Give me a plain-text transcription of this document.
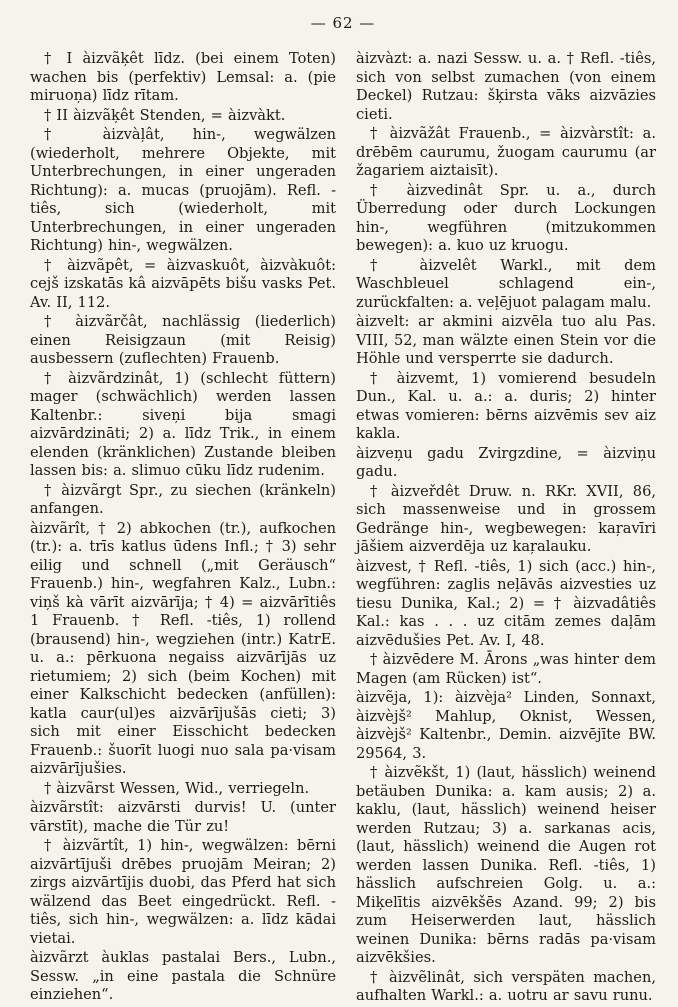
— 62 —

† I àizvãķêt līdz. (bei einem Toten) wachen bis (perfektiv) Lemsal: a. (pie miruoņa) līdz rītam.

† II àizvãķêt Stenden, = àizvàkt.

† àizvàļât, hin-, wegwälzen (wiederholt, mehrere Objekte, mit Unterbrechungen, in einer ungeraden Richtung): a. mucas (pruojām). Refl. -tiês, sich (wiederholt, mit Unterbrechungen, in einer ungeraden Richtung) hin-, wegwälzen.

† àizvãpêt, = àizvaskuôt, àizvàkuôt: cejš izskatās kâ aizvāpēts bišu vasks Pet. Av. II, 112.

† àizvãrčât, nachlässig (liederlich) einen Reisigzaun (mit Reisig) ausbessern (zuflechten) Frauenb.

† àizvãrdzinât, 1) (schlecht füttern) mager (schwächlich) werden lassen Kaltenbr.: siveņi bija smagi aizvārdzināti; 2) a. līdz Trik., in einem elenden (kränklichen) Zustande bleiben lassen bis: a. slimuo cūku līdz rudenim.

† àizvãrgt Spr., zu siechen (kränkeln) anfangen.

àizvãrît, † 2) abkochen (tr.), aufkochen (tr.): a. trīs katlus ūdens Infl.; † 3) sehr eilig und schnell („mit Geräusch“ Frauenb.) hin-, wegfahren Kalz., Lubn.: viņš kà vārīt aizvārīja; † 4) = aizvārītiês 1 Frauenb. † Refl. -tiês, 1) rollend (brausend) hin-, wegziehen (intr.) KatrE. u. a.: pērkuona negaiss aizvārījās uz rietumiem; 2) sich (beim Kochen) mit einer Kalkschicht bedecken (anfüllen): katla caur(ul)es aizvārījušās cieti; 3) sich mit einer Eisschicht bedecken Frauenb.: šuorīt luogi nuo sala pa·visam aizvārījušies.

† àizvãrst Wessen, Wid., verriegeln.

àizvãrstît: aizvārsti durvis! U. (unter vārstīt), mache die Tür zu!

† àizvãrtît, 1) hin-, wegwälzen: bērni aizvārtījuši drēbes pruojām Meiran; 2) zirgs aizvārtījis duobi, das Pferd hat sich wälzend das Beet eingedrückt. Refl. -tiês, sich hin-, wegwälzen: a. līdz kādai vietai.

àizvãrzt àuklas pastalai Bers., Lubn., Sessw. „in eine pastala die Schnüre einziehen“.

àizvàzt: a. nazi Sessw. u. a. † Refl. -tiês, sich von selbst zumachen (von einem Deckel) Rutzau: šķirsta vāks aizvāzies cieti.

† àizvãžât Frauenb., = àizvàrstît: a. drēbēm caurumu, žuogam caurumu (ar žagariem aiztaisīt).

† àizvedinât Spr. u. a., durch Überredung oder durch Lockungen hin-, wegführen (mitzukommen bewegen): a. kuo uz kruogu.

† àizvelêt Warkl., mit dem Waschbleuel schlagend ein-, zurückfalten: a. veļējuot palagam malu.

àizvelt: ar akmini aizvēla tuo alu Pas. VIII, 52, man wälzte einen Stein vor die Höhle und versperrte sie dadurch.

† àizvemt, 1) vomierend besudeln Dun., Kal. u. a.: a. duris; 2) hinter etwas vomieren: bērns aizvēmis sev aiz kakla.

àizveņu gadu Zvirgzdine, = àizviņu gadu.

† àizveřdêt Druw. n. RKr. XVII, 86, sich massenweise und in grossem Gedränge hin-, wegbewegen: kaŗavīri jāšiem aizverdēja uz kaŗalauku.

àizvest, † Refl. -tiês, 1) sich (acc.) hin-, wegführen: zaglis neļāvās aizvesties uz tiesu Dunika, Kal.; 2) = † àizvadâtiês Kal.: kas . . . uz citām zemes daļām aizvēdušies Pet. Av. I, 48.

† àizvēdere M. Ārons „was hinter dem Magen (am Rücken) ist“.

àizvẽja, 1): àizvèja² Linden, Sonnaxt, àizvèjš² Mahlup, Oknist, Wessen, àizvèjš² Kaltenbr., Demin. aizvējīte BW. 29564, 3.

† àizvẽkšt, 1) (laut, hässlich) weinend betäuben Dunika: a. kam ausis; 2) a. kaklu, (laut, hässlich) weinend heiser werden Rutzau; 3) a. sarkanas acis, (laut, hässlich) weinend die Augen rot werden lassen Dunika. Refl. -tiês, 1) hässlich aufschreien Golg. u. a.: Miķelītis aizvēkšēs Azand. 99; 2) bis zum Heiserwerden laut, hässlich weinen Dunika: bērns radās pa·visam aizvēkšies.

† àizvẽlinât, sich verspäten machen, aufhalten Warkl.: a. uotru ar savu runu.
